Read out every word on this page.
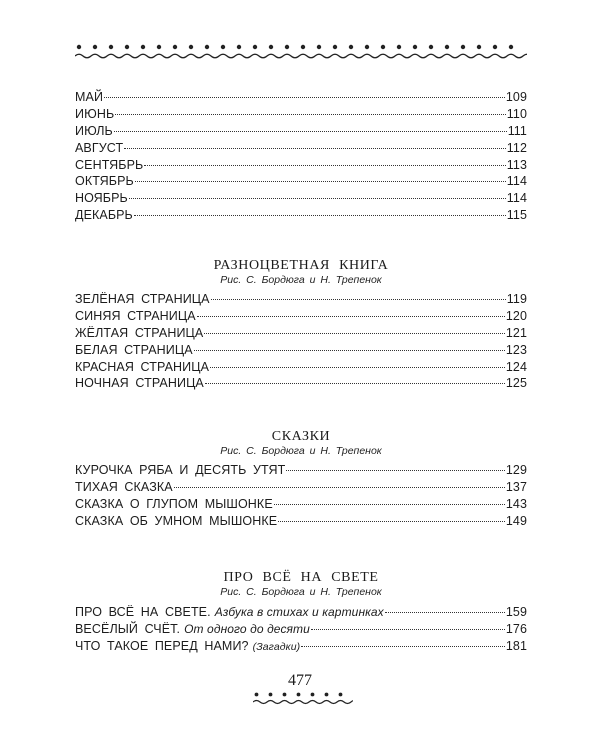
МАЙ	109
ИЮНЬ	110
ИЮЛЬ	111
АВГУСТ	112
СЕНТЯБРЬ	113
ОКТЯБРЬ	114
НОЯБРЬ	114
ДЕКАБРЬ	115
РАЗНОЦВЕТНАЯ КНИГА
Рис. С. Бордюга и Н. Трепенок
ЗЕЛЁНАЯ СТРАНИЦА	119
СИНЯЯ СТРАНИЦА	120
ЖЁЛТАЯ СТРАНИЦА	121
БЕЛАЯ СТРАНИЦА	123
КРАСНАЯ СТРАНИЦА	124
НОЧНАЯ СТРАНИЦА	125
СКАЗКИ
Рис. С. Бордюга и Н. Трепенок
КУРОЧКА РЯБА И ДЕСЯТЬ УТЯТ	129
ТИХАЯ СКАЗКА	137
СКАЗКА О ГЛУПОМ МЫШОНКЕ	143
СКАЗКА ОБ УМНОМ МЫШОНКЕ	149
ПРО ВСЁ НА СВЕТЕ
Рис. С. Бордюга и Н. Трепенок
ПРО ВСЁ НА СВЕТЕ. Азбука в стихах и картинках	159
ВЕСЁЛЫЙ СЧЁТ. От одного до десяти	176
ЧТО ТАКОЕ ПЕРЕД НАМИ? (Загадки)	181
477
